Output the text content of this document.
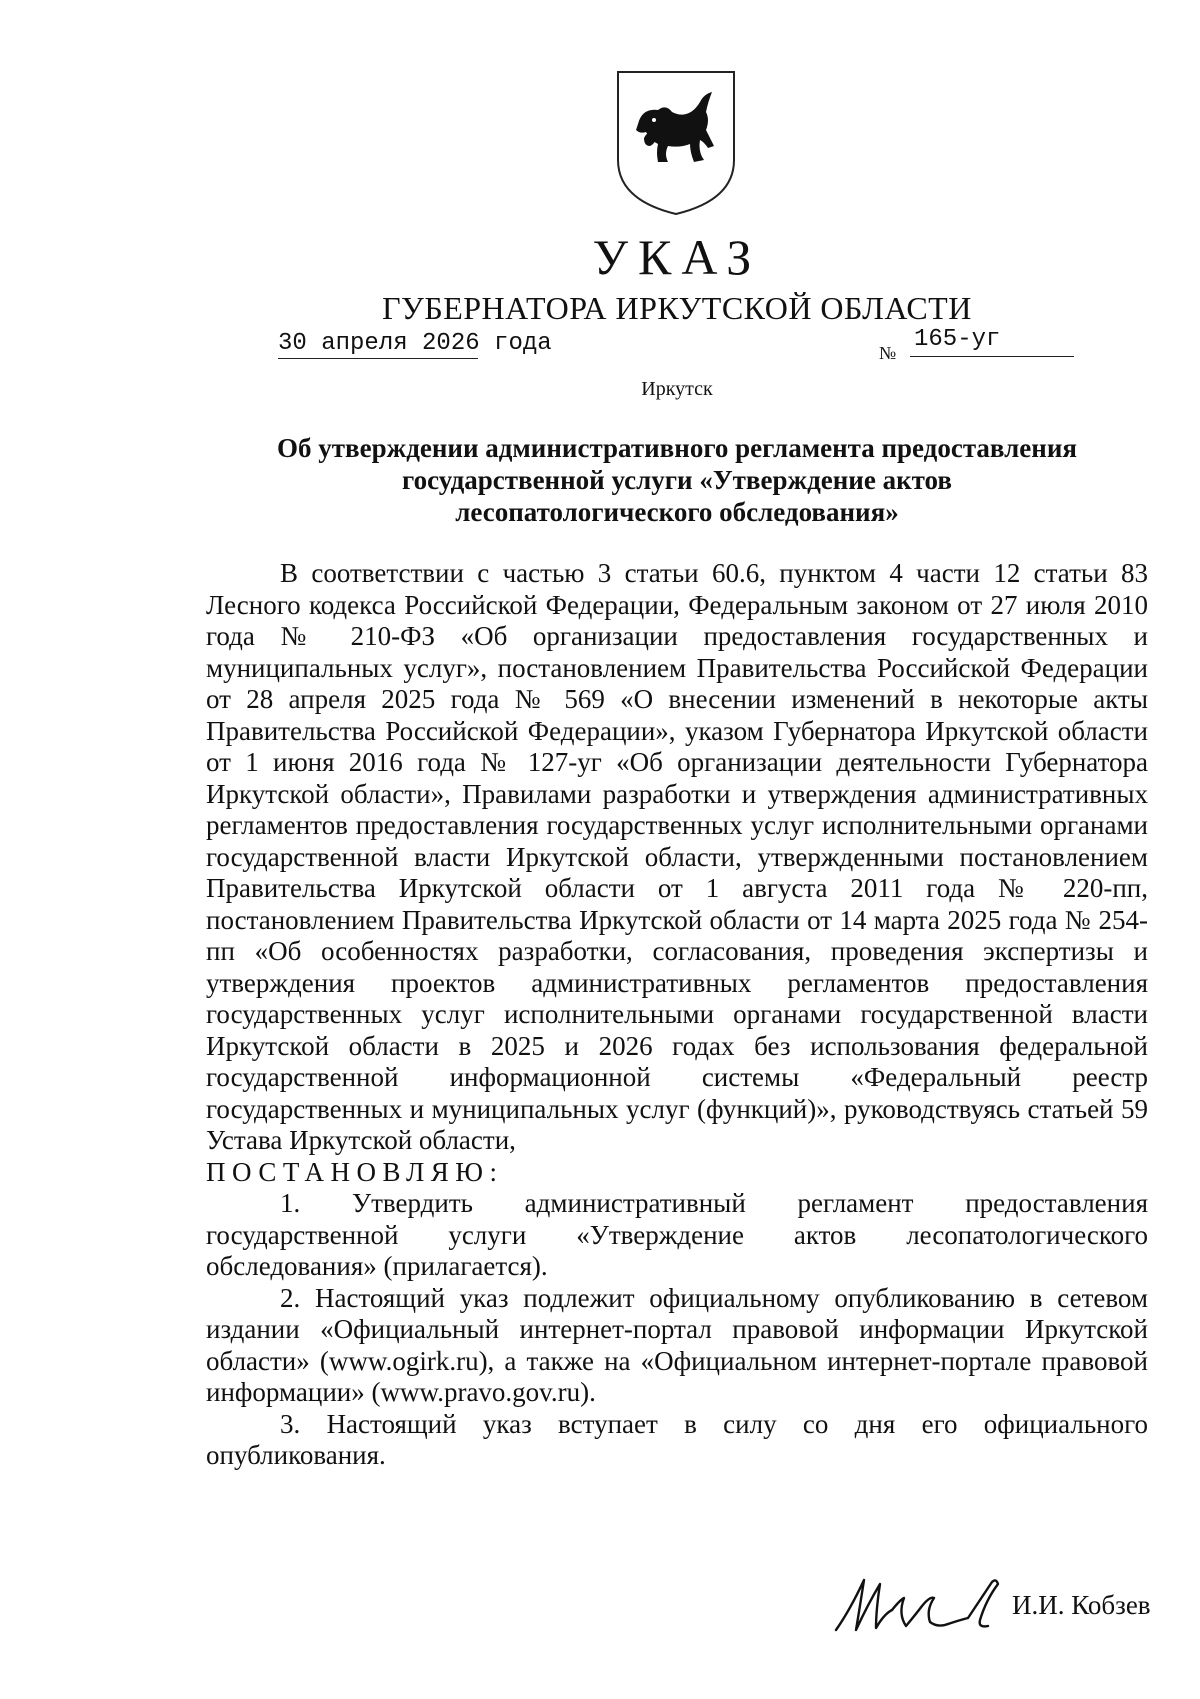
УКАЗ
ГУБЕРНАТОРА ИРКУТСКОЙ ОБЛАСТИ
30 апреля 2026 года	№ 165-уг
Иркутск
Об утверждении административного регламента предоставления
государственной услуги «Утверждение актов
лесопатологического обследования»

В соответствии с частью 3 статьи 60.6, пунктом 4 части 12 статьи 83 Лесного кодекса Российской Федерации, Федеральным законом от 27 июля 2010 года № 210-ФЗ «Об организации предоставления государственных и муниципальных услуг», постановлением Правительства Российской Федерации от 28 апреля 2025 года № 569 «О внесении изменений в некоторые акты Правительства Российской Федерации», указом Губернатора Иркутской области от 1 июня 2016 года № 127-уг «Об организации деятельности Губернатора Иркутской области», Правилами разработки и утверждения административных регламентов предоставления государственных услуг исполнительными органами государственной власти Иркутской области, утвержденными постановлением Правительства Иркутской области от 1 августа 2011 года № 220-пп, постановлением Правительства Иркутской области от 14 марта 2025 года № 254-пп «Об особенностях разработки, согласования, проведения экспертизы и утверждения проектов административных регламентов предоставления государственных услуг исполнительными органами государственной власти Иркутской области в 2025 и 2026 годах без использования федеральной государственной информационной системы «Федеральный реестр государственных и муниципальных услуг (функций)», руководствуясь статьей 59 Устава Иркутской области,

ПОСТАНОВЛЯЮ:

1. Утвердить административный регламент предоставления государственной услуги «Утверждение актов лесопатологического обследования» (прилагается).

2. Настоящий указ подлежит официальному опубликованию в сетевом издании «Официальный интернет-портал правовой информации Иркутской области» (www.ogirk.ru), а также на «Официальном интернет-портале правовой информации» (www.pravo.gov.ru).

3. Настоящий указ вступает в силу со дня его официального опубликования.

И.И. Кобзев
